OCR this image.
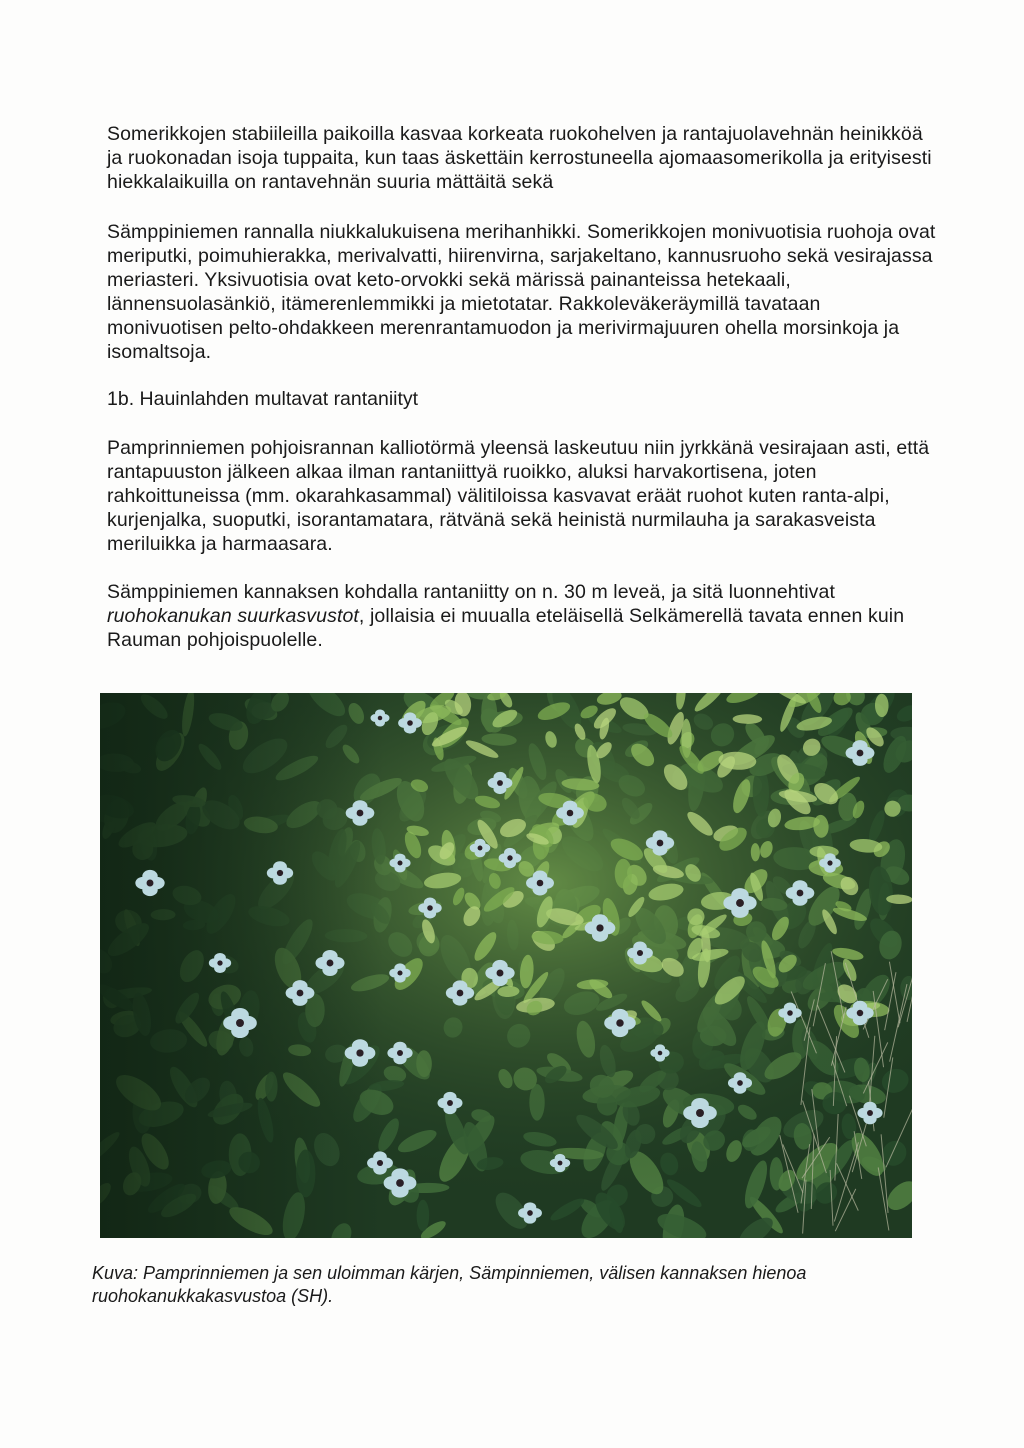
Somerikkojen stabiileilla paikoilla kasvaa korkeata ruokohelven ja rantajuolavehnän heinikköä ja ruokonadan isoja tuppaita, kun taas äskettäin kerrostuneella ajomaasomerikolla ja erityisesti hiekkalaikuilla on rantavehnän suuria mättäitä sekä

Sämppiniemen rannalla niukkalukuisena merihanhikki. Somerikkojen monivuotisia ruohoja ovat meriputki, poimuhierakka, merivalvatti, hiirenvirna, sarjakeltano, kannusruoho sekä vesirajassa meriasteri. Yksivuotisia ovat keto-orvokki sekä märissä painanteissa hetekaali, lännensuolasänkiö, itämerenlemmikki ja mietotatar. Rakkoleväkeräymillä tavataan monivuotisen pelto-ohdakkeen merenrantamuodon ja merivirmajuuren ohella morsinkoja ja isomaltsoja.

1b. Hauinlahden multavat rantaniityt

Pamprinniemen pohjoisrannan kalliotörmä yleensä laskeutuu niin jyrkkänä vesirajaan asti, että rantapuuston jälkeen alkaa ilman rantaniittyä ruoikko, aluksi harvakortisena, joten rahkoittuneissa (mm. okarahkasammal) välitiloissa kasvavat eräät ruohot kuten ranta-alpi, kurjenjalka, suoputki, isorantamatara, rätvänä sekä heinistä nurmilauha ja sarakasveista meriluikka ja harmaasara.

Sämppiniemen kannaksen kohdalla rantaniitty on n. 30 m leveä, ja sitä luonnehtivat ruohokanukan suurkasvustot, jollaisia ei muualla eteläisellä Selkämerellä tavata ennen kuin Rauman pohjoispuolelle.

Kuva: Pamprinniemen ja sen uloimman kärjen, Sämpinniemen, välisen kannaksen hienoa ruohokanukkakasvustoa (SH).
